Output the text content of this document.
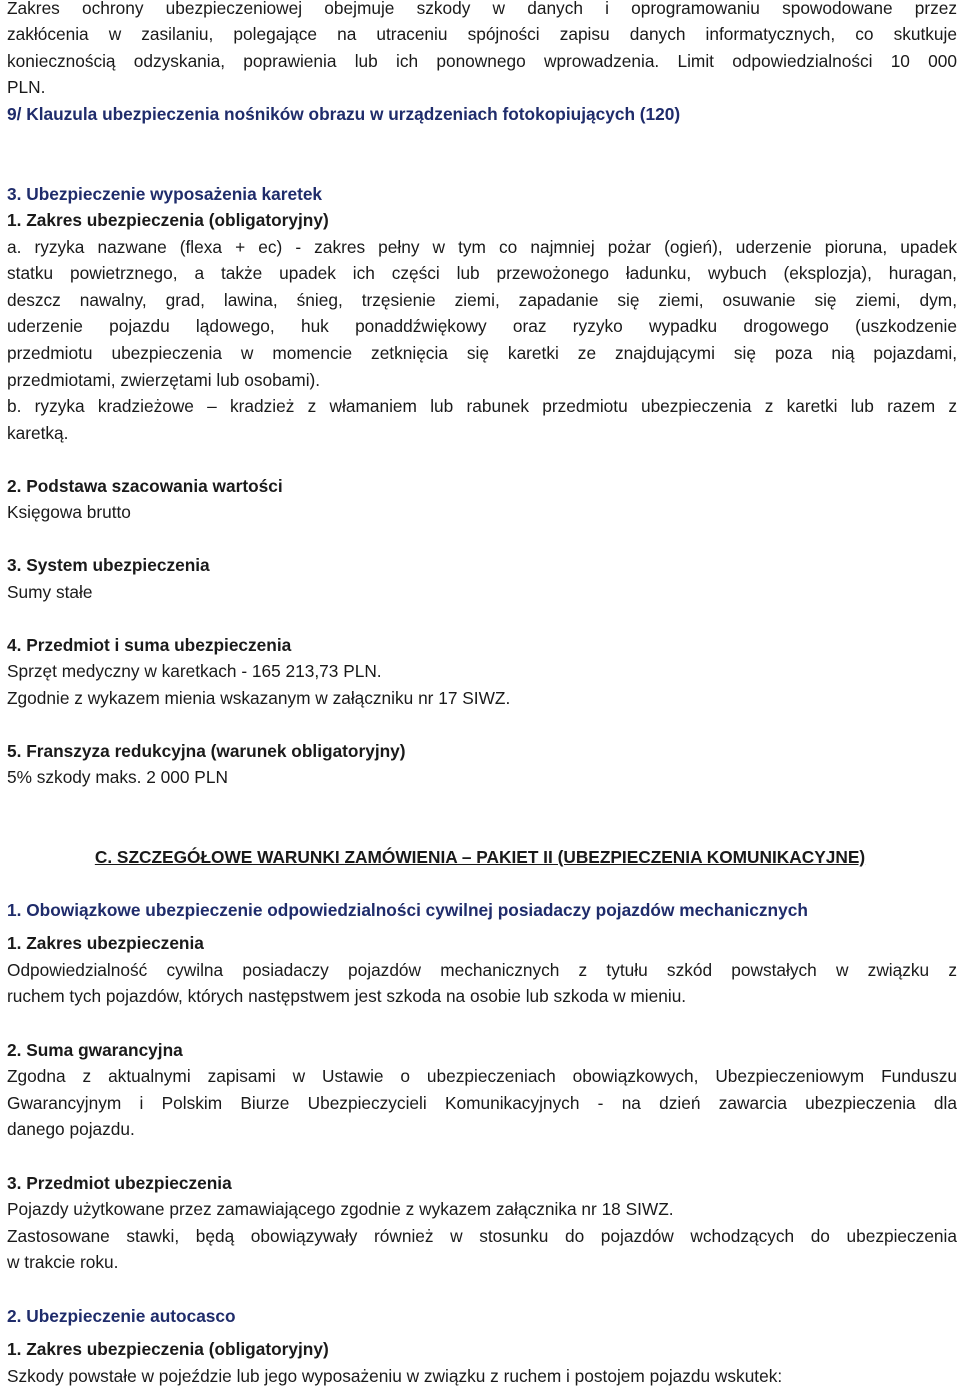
Zakres ochrony ubezpieczeniowej obejmuje szkody w danych i oprogramowaniu spowodowane przez
zakłócenia w zasilaniu, polegające na utraceniu spójności zapisu danych informatycznych, co skutkuje
koniecznością odzyskania, poprawienia lub ich ponownego wprowadzenia. Limit odpowiedzialności 10 000
PLN.
9/ Klauzula ubezpieczenia nośników obrazu w urządzeniach fotokopiujących (120)
3. Ubezpieczenie wyposażenia karetek
1. Zakres ubezpieczenia (obligatoryjny)
a. ryzyka nazwane (flexa + ec) - zakres pełny w tym co najmniej pożar (ogień), uderzenie pioruna, upadek
statku powietrznego, a także upadek ich części lub przewożonego ładunku, wybuch (eksplozja), huragan,
deszcz nawalny, grad, lawina, śnieg, trzęsienie ziemi, zapadanie się ziemi, osuwanie się ziemi, dym,
uderzenie pojazdu lądowego, huk ponaddźwiękowy oraz ryzyko wypadku drogowego (uszkodzenie
przedmiotu ubezpieczenia w momencie zetknięcia się karetki ze znajdującymi się poza nią pojazdami,
przedmiotami, zwierzętami lub osobami).
b. ryzyka kradzieżowe – kradzież z włamaniem lub rabunek przedmiotu ubezpieczenia z karetki lub razem z
karetką.
2. Podstawa szacowania wartości
Księgowa brutto
3. System ubezpieczenia
Sumy stałe
4. Przedmiot i suma ubezpieczenia
Sprzęt medyczny w karetkach - 165 213,73 PLN.
Zgodnie z wykazem mienia wskazanym w załączniku nr 17 SIWZ.
5. Franszyza redukcyjna (warunek obligatoryjny)
5% szkody maks. 2 000 PLN
C. SZCZEGÓŁOWE WARUNKI ZAMÓWIENIA – PAKIET II (UBEZPIECZENIA KOMUNIKACYJNE)
1. Obowiązkowe ubezpieczenie odpowiedzialności cywilnej posiadaczy pojazdów mechanicznych
1. Zakres ubezpieczenia
Odpowiedzialność cywilna posiadaczy pojazdów mechanicznych z tytułu szkód powstałych w związku z
ruchem tych pojazdów, których następstwem jest szkoda na osobie lub szkoda w mieniu.
2. Suma gwarancyjna
Zgodna z aktualnymi zapisami w Ustawie o ubezpieczeniach obowiązkowych, Ubezpieczeniowym Funduszu
Gwarancyjnym i Polskim Biurze Ubezpieczycieli Komunikacyjnych - na dzień zawarcia ubezpieczenia dla
danego pojazdu.
3. Przedmiot ubezpieczenia
Pojazdy użytkowane przez zamawiającego zgodnie z wykazem załącznika nr 18 SIWZ.
Zastosowane stawki, będą obowiązywały również w stosunku do pojazdów wchodzących do ubezpieczenia
w trakcie roku.
2. Ubezpieczenie autocasco
1. Zakres ubezpieczenia (obligatoryjny)
Szkody powstałe w pojeździe lub jego wyposażeniu w związku z ruchem i postojem pojazdu wskutek:
